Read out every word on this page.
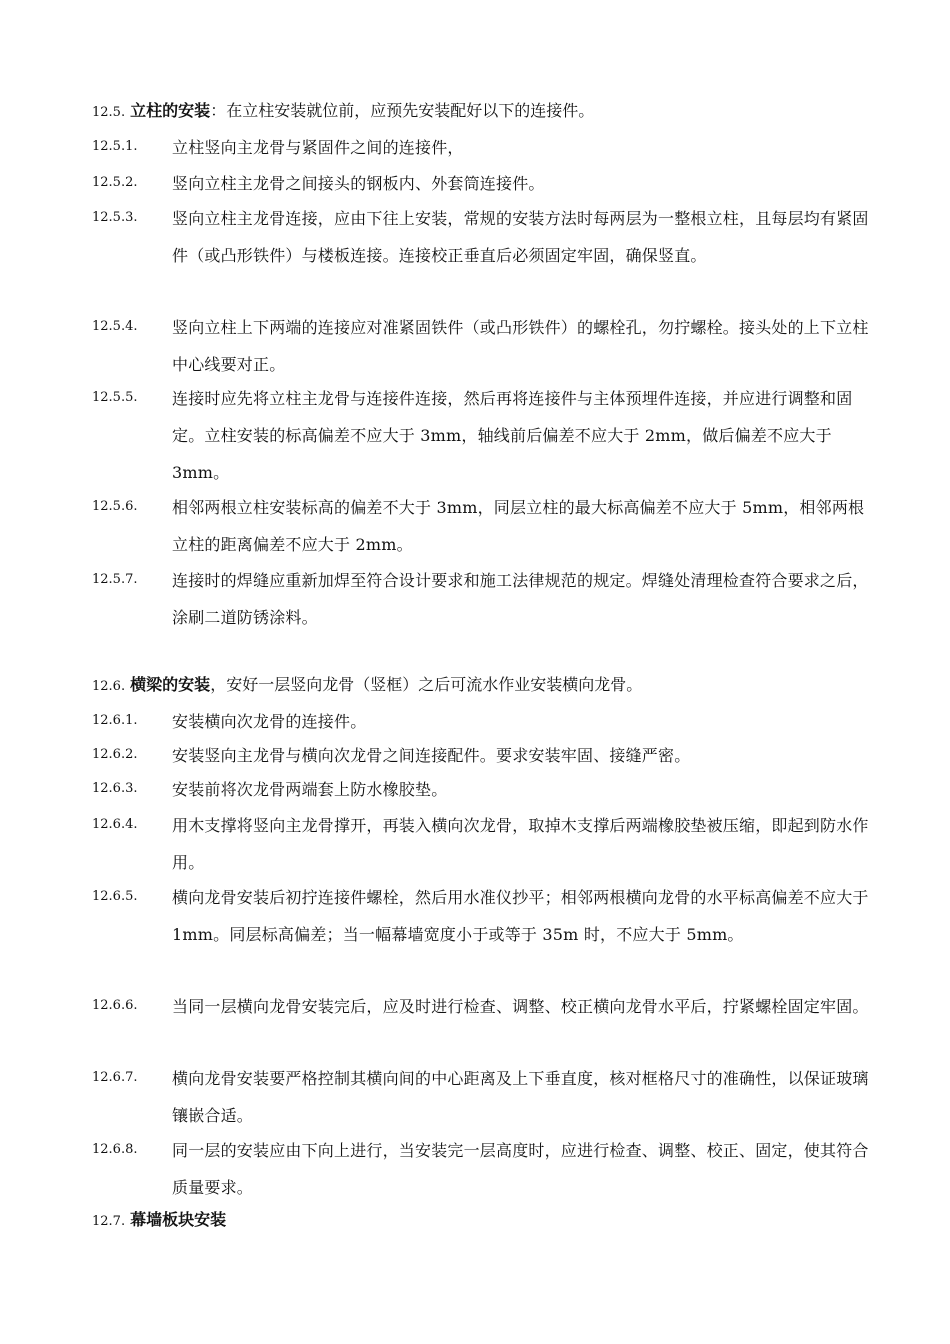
12.5. 立柱的安装：在立柱安装就位前，应预先安装配好以下的连接件。
12.5.1. 立柱竖向主龙骨与紧固件之间的连接件，
12.5.2. 竖向立柱主龙骨之间接头的钢板内、外套筒连接件。
12.5.3. 竖向立柱主龙骨连接，应由下往上安装，常规的安装方法时每两层为一整根立柱，且每层均有紧固件（或凸形铁件）与楼板连接。连接校正垂直后必须固定牢固，确保竖直。
12.5.4. 竖向立柱上下两端的连接应对准紧固铁件（或凸形铁件）的螺栓孔，勿拧螺栓。接头处的上下立柱中心线要对正。
12.5.5. 连接时应先将立柱主龙骨与连接件连接，然后再将连接件与主体预埋件连接，并应进行调整和固定。立柱安装的标高偏差不应大于 3mm，轴线前后偏差不应大于 2mm，做后偏差不应大于 3mm。
12.5.6. 相邻两根立柱安装标高的偏差不大于 3mm，同层立柱的最大标高偏差不应大于 5mm，相邻两根立柱的距离偏差不应大于 2mm。
12.5.7. 连接时的焊缝应重新加焊至符合设计要求和施工法律规范的规定。焊缝处清理检查符合要求之后，涂刷二道防锈涂料。
12.6. 横梁的安装，安好一层竖向龙骨（竖框）之后可流水作业安装横向龙骨。
12.6.1. 安装横向次龙骨的连接件。
12.6.2. 安装竖向主龙骨与横向次龙骨之间连接配件。要求安装牢固、接缝严密。
12.6.3. 安装前将次龙骨两端套上防水橡胶垫。
12.6.4. 用木支撑将竖向主龙骨撑开，再装入横向次龙骨，取掉木支撑后两端橡胶垫被压缩，即起到防水作用。
12.6.5. 横向龙骨安装后初拧连接件螺栓，然后用水准仪抄平；相邻两根横向龙骨的水平标高偏差不应大于 1mm。同层标高偏差；当一幅幕墙宽度小于或等于 35m 时，不应大于 5mm。
12.6.6. 当同一层横向龙骨安装完后，应及时进行检查、调整、校正横向龙骨水平后，拧紧螺栓固定牢固。
12.6.7. 横向龙骨安装要严格控制其横向间的中心距离及上下垂直度，核对框格尺寸的准确性，以保证玻璃镶嵌合适。
12.6.8. 同一层的安装应由下向上进行，当安装完一层高度时，应进行检查、调整、校正、固定，使其符合质量要求。
12.7. 幕墙板块安装
